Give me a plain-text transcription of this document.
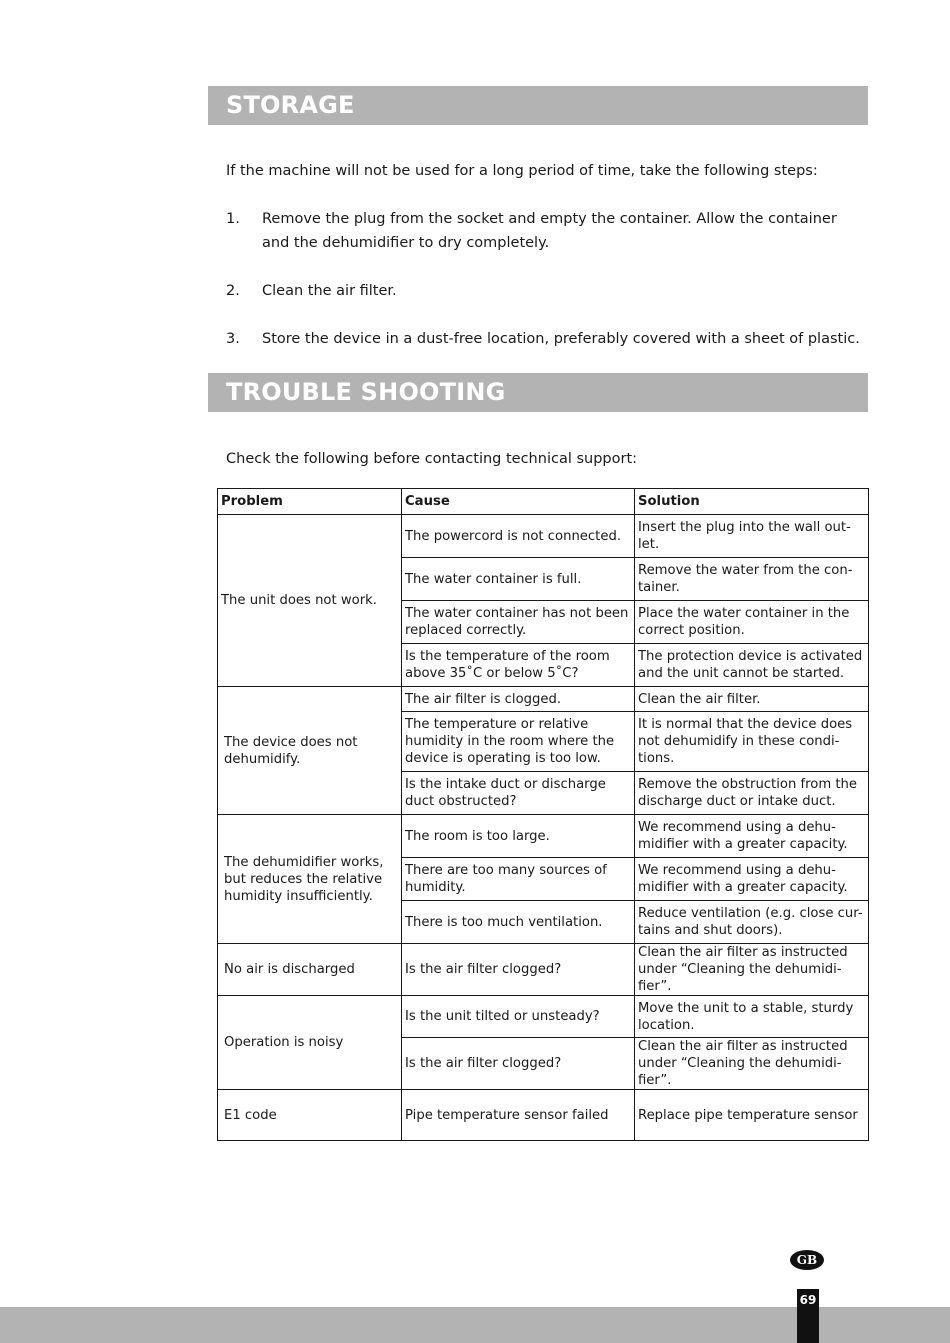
STORAGE

If the machine will not be used for a long period of time, take the following steps:

1. Remove the plug from the socket and empty the container. Allow the container and the dehumidifier to dry completely.
2. Clean the air filter.
3. Store the device in a dust-free location, preferably covered with a sheet of plastic.
TROUBLE SHOOTING

Check the following before contacting technical support:

Problem	Cause	Solution
The unit does not work.	The powercord is not connected.	Insert the plug into the wall out-let.
	The water container is full.	Remove the water from the con-tainer.
	The water container has not been replaced correctly.	Place the water container in the correct position.
	Is the temperature of the room above 35˚C or below 5˚C?	The protection device is activated and the unit cannot be started.
The device does not dehumidify.	The air filter is clogged.	Clean the air filter.
	The temperature or relative humidity in the room where the device is operating is too low.	It is normal that the device does not dehumidify in these condi-tions.
	Is the intake duct or discharge duct obstructed?	Remove the obstruction from the discharge duct or intake duct.
The dehumidifier works, but reduces the relative humidity insufficiently.	The room is too large.	We recommend using a dehu-midifier with a greater capacity.
	There are too many sources of humidity.	We recommend using a dehu-midifier with a greater capacity.
	There is too much ventilation.	Reduce ventilation (e.g. close cur-tains and shut doors).
No air is discharged	Is the air filter clogged?	Clean the air filter as instructed under “Cleaning the dehumidi-fier”.
Operation is noisy	Is the unit tilted or unsteady?	Move the unit to a stable, sturdy location.
	Is the air filter clogged?	Clean the air filter as instructed under “Cleaning the dehumidi-fier”.
E1 code	Pipe temperature sensor failed	Replace pipe temperature sensor
GB
69
